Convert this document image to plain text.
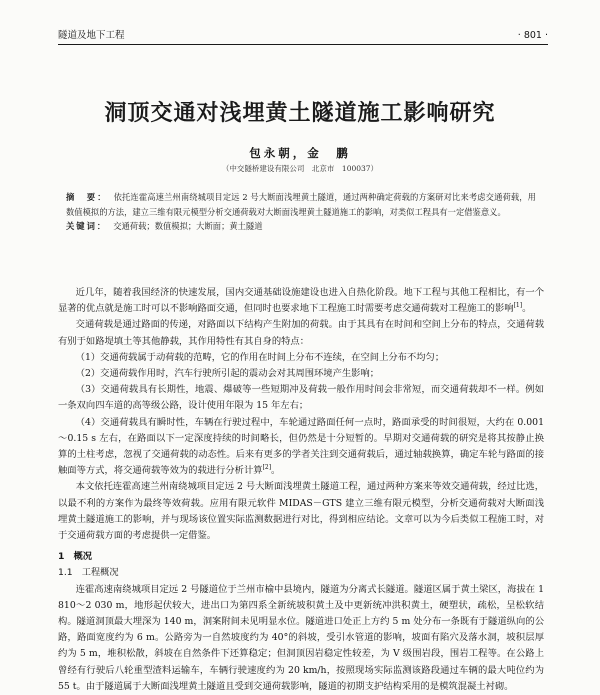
隧道及地下工程	· 801 ·
洞顶交通对浅埋黄土隧道施工影响研究
包永朝，金　鹏
（中交隧桥建设有限公司　北京市　100037）
摘　要： 依托连霍高速兰州南绕城项目定远 2 号大断面浅埋黄土隧道，通过两种确定荷载的方案研对比来考虑交通荷载，用数值模拟的方法，建立三维有限元模型分析交通荷载对大断面浅埋黄土隧道施工的影响，对类似工程具有一定借鉴意义。
关键词： 交通荷载；数值模拟；大断面；黄土隧道

近几年，随着我国经济的快速发展，国内交通基础设施建设也进入自热化阶段。地下工程与其他工程相比，有一个显著的优点就是施工时可以不影响路面交通，但同时也要求地下工程施工时需要考虑交通荷载对工程施工的影响[1]。

交通荷载是通过路面的传递，对路面以下结构产生附加的荷载。由于其具有在时间和空间上分布的特点，交通荷载有别于如路堤填土等其他静载，其作用特性有其自身的特点：

（1）交通荷载属于动荷载的范畴，它的作用在时间上分布不连续，在空间上分布不均匀；

（2）交通荷载作用时，汽车行驶所引起的震动会对其周围环境产生影响；

（3）交通荷载具有长期性，地震、爆破等一些短期冲及荷载一般作用时间会非常短，而交通荷载却不一样。例如一条双向四车道的高等级公路，设计使用年限为 15 年左右；

（4）交通荷载具有瞬时性，车辆在行驶过程中，车轮通过路面任何一点时，路面承受的时间很短，大约在 0.001～0.15 s 左右，在路面以下一定深度持续的时间略长，但仍然是十分短暂的。早期对交通荷载的研究是将其按静止换算的土柱考虑，忽视了交通荷载的动态性。后来有更多的学者关注到交通荷载后，通过轴载换算，确定车轮与路面的接触面等方式，将交通荷载等效为的载进行分析计算[2]。

本文依托连霍高速兰州南绕城项目定远 2 号大断面浅埋黄土隧道工程，通过两种方案来等效交通荷载，经过比选，以最不利的方案作为最终等效荷载。应用有限元软件 MIDAS－GTS 建立三维有限元模型，分析交通荷载对大断面浅埋黄土隧道施工的影响，并与现场该位置实际监测数据进行对比，得到相应结论。文章可以为今后类似工程施工时，对于交通荷载方面的考虑提供一定借鉴。

1　概况

1.1　工程概况

连霍高速南绕城项目定远 2 号隧道位于兰州市榆中县境内，隧道为分离式长隧道。隧道区属于黄土梁区，海拔在 1 810～2 030 m，地形起伏较大，进出口为第四系全新统坡积黄土及中更新统冲洪积黄土，硬塑状，疏松，呈松软结构。隧道洞顶最大埋深为 140 m，洞案附间未见明显水位。隧道进口处正上方约 5 m 处分布一条既有于隧道纵向的公路，路面宽度约为 6 m。公路旁为一自然坡度约为 40°的斜坡，受引水管道的影响，坡面有陷穴及落水洞，坡积层厚约为 5 m，堆积松散，斜坡在自然条件下还算稳定；但洞顶因岩稳定性较差，为 V 级围岩段，围岩工程等。在公路上曾经有行驶后八轮重型渣料运输车，车辆行驶速度约为 20 km/h，按照现场实际监测该路段通过车辆的最大吨位约为 55 t。由于隧道属于大断面浅埋黄土隧道且受到交通荷载影响，隧道的初期支护结构采用的是模筑混凝土衬砌。
